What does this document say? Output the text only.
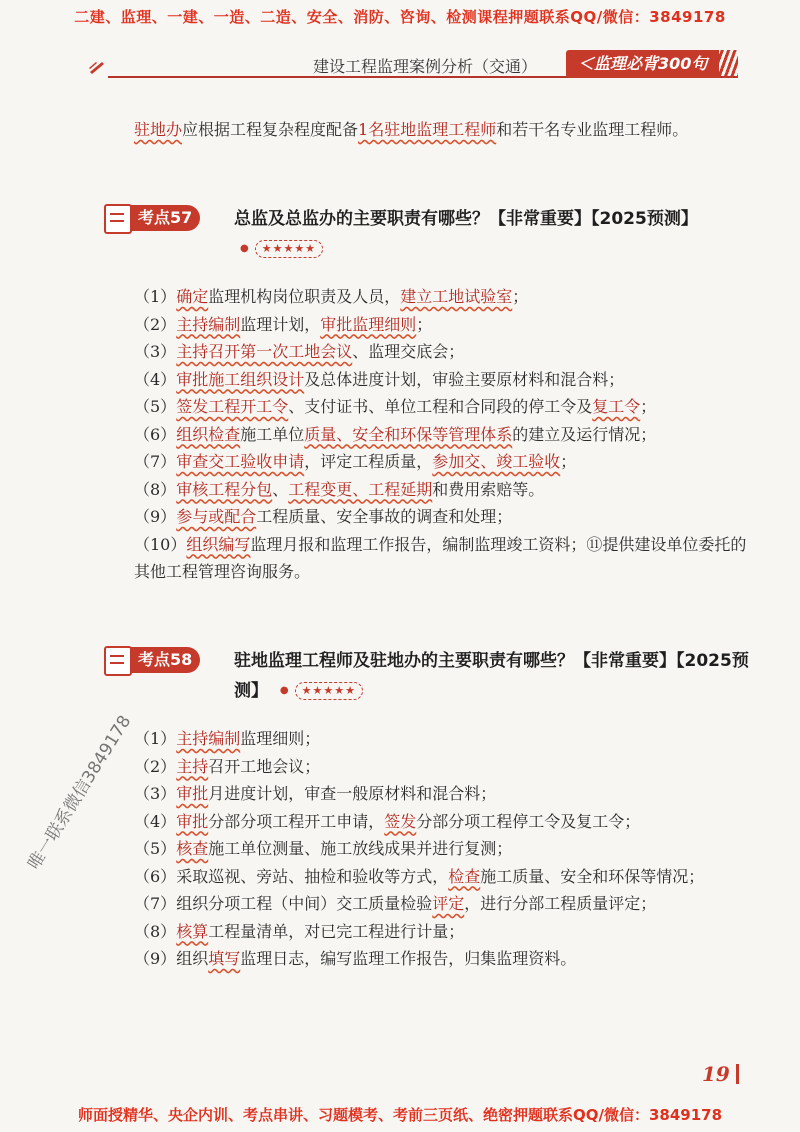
二建、监理、一建、一造、二造、安全、消防、咨询、检测课程押题联系QQ/微信：3849178
建设工程监理案例分析（交通）	＜监理必背300句

驻地办应根据工程复杂程度配备1名驻地监理工程师和若干名专业监理工程师。

考点57	总监及总监办的主要职责有哪些？【非常重要】【2025预测】
● ★★★★★

（1）确定监理机构岗位职责及人员，建立工地试验室；

（2）主持编制监理计划，审批监理细则；

（3）主持召开第一次工地会议、监理交底会；

（4）审批施工组织设计及总体进度计划，审验主要原材料和混合料；

（5）签发工程开工令、支付证书、单位工程和合同段的停工令及复工令；

（6）组织检查施工单位质量、安全和环保等管理体系的建立及运行情况；

（7）审查交工验收申请，评定工程质量，参加交、竣工验收；

（8）审核工程分包、工程变更、工程延期和费用索赔等。

（9）参与或配合工程质量、安全事故的调查和处理；

（10）组织编写监理月报和监理工作报告，编制监理竣工资料；⑪提供建设单位委托的其他工程管理咨询服务。

考点58	驻地监理工程师及驻地办的主要职责有哪些？【非常重要】【2025预测】 ● ★★★★★

（1）主持编制监理细则；

（2）主持召开工地会议；

（3）审批月进度计划，审查一般原材料和混合料；

（4）审批分部分项工程开工申请，签发分部分项工程停工令及复工令；

（5）核查施工单位测量、施工放线成果并进行复测；

（6）采取巡视、旁站、抽检和验收等方式，检查施工质量、安全和环保等情况；

（7）组织分项工程（中间）交工质量检验评定，进行分部工程质量评定；

（8）核算工程量清单，对已完工程进行计量；

（9）组织填写监理日志，编写监理工作报告，归集监理资料。

唯一联系微信3849178
19
师面授精华、央企内训、考点串讲、习题模考、考前三页纸、绝密押题联系QQ/微信：3849178
